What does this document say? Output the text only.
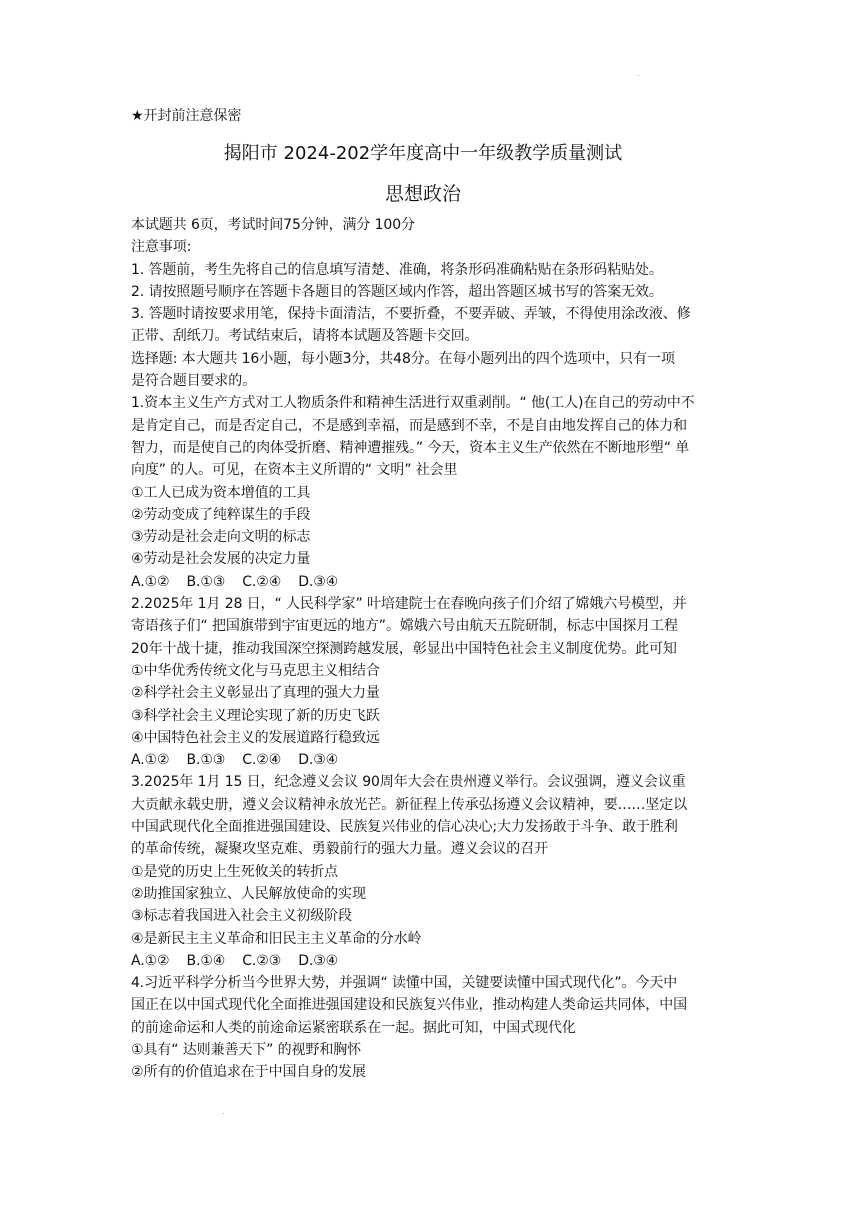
.
★开封前注意保密
揭阳市 2024-202学年度高中一年级教学质量测试
思想政治
本试题共 6页，考试时间75分钟，满分 100分
注意事项:
1. 答题前，考生先将自己的信息填写清楚、准确，将条形码准确粘贴在条形码粘贴处。
2. 请按照题号顺序在答题卡各题目的答题区域内作答，超出答题区城书写的答案无效。
3. 答题时请按要求用笔，保持卡面清洁，不要折叠，不要弄破、弄皱，不得使用涂改液、修
正带、刮纸刀。考试结束后，请将本试题及答题卡交回。
选择题: 本大题共 16小题，每小题3分，共48分。在每小题列出的四个选项中，只有一项
是符合题目要求的。
1.资本主义生产方式对工人物质条件和精神生活进行双重剥削。“ 他(工人)在自己的劳动中不
是肯定自己，而是否定自己，不是感到幸福，而是感到不幸，不是自由地发挥自己的体力和
智力，而是使自己的肉体受折磨、精神遭摧残。” 今天，资本主义生产依然在不断地形塑“ 单
向度” 的人。可见，在资本主义所谓的“ 文明” 社会里
①工人已成为资本增值的工具
②劳动变成了纯粹谋生的手段
③劳动是社会走向文明的标志
④劳动是社会发展的决定力量
A.①② B.①③ C.②④ D.③④
2.2025年 1月 28 日，“ 人民科学家” 叶培建院士在春晚向孩子们介绍了嫦娥六号模型，并
寄语孩子们“ 把国旗带到宇宙更远的地方”。嫦娥六号由航天五院研制，标志中国探月工程
20年十战十捷，推动我国深空探测跨越发展，彰显出中国特色社会主义制度优势。此可知
①中华优秀传统文化与马克思主义相结合
②科学社会主义彰显出了真理的强大力量
③科学社会主义理论实现了新的历史飞跃
④中国特色社会主义的发展道路行稳致远
A.①② B.①③ C.②④ D.③④
3.2025年 1月 15 日，纪念遵义会议 90周年大会在贵州遵义举行。会议强调，遵义会议重
大贡献永载史册，遵义会议精神永放光芒。新征程上传承弘扬遵义会议精神，要……坚定以
中国武现代化全面推进强国建设、民族复兴伟业的信心决心;大力发扬敢于斗争、敢于胜利
的革命传统，凝聚攻坚克难、勇毅前行的强大力量。遵义会议的召开
①是党的历史上生死攸关的转折点
②助推国家独立、人民解放使命的实现
③标志着我国进入社会主义初级阶段
④是新民主主义革命和旧民主主义革命的分水岭
A.①② B.①④ C.②③ D.③④
4.习近平科学分析当今世界大势，并强调“ 读懂中国，关键要读懂中国式现代化”。今天中
国正在以中国式现代化全面推进强国建设和民族复兴伟业，推动构建人类命运共同体，中国
的前途命运和人类的前途命运紧密联系在一起。据此可知，中国式现代化
①具有“ 达则兼善天下” 的视野和胸怀
②所有的价值追求在于中国自身的发展
.
